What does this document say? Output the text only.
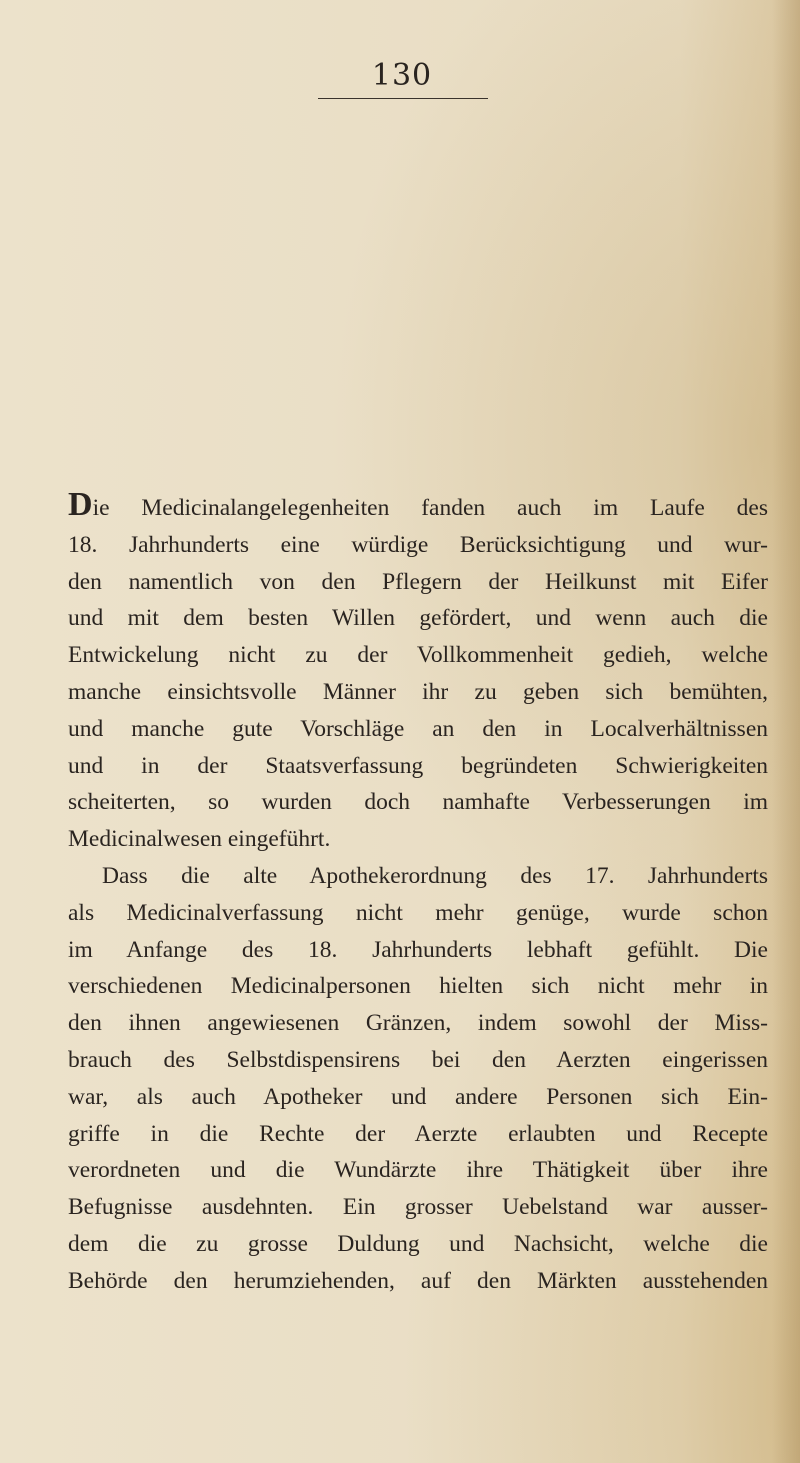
130
Die Medicinalangelegenheiten fanden auch im Laufe des
18. Jahrhunderts eine würdige Berücksichtigung und wur-
den namentlich von den Pflegern der Heilkunst mit Eifer
und mit dem besten Willen gefördert, und wenn auch die
Entwickelung nicht zu der Vollkommenheit gedieh, welche
manche einsichtsvolle Männer ihr zu geben sich bemühten,
und manche gute Vorschläge an den in Localverhältnissen
und in der Staatsverfassung begründeten Schwierigkeiten
scheiterten, so wurden doch namhafte Verbesserungen im
Medicinalwesen eingeführt.
Dass die alte Apothekerordnung des 17. Jahrhunderts
als Medicinalverfassung nicht mehr genüge, wurde schon
im Anfange des 18. Jahrhunderts lebhaft gefühlt. Die
verschiedenen Medicinalpersonen hielten sich nicht mehr in
den ihnen angewiesenen Gränzen, indem sowohl der Miss-
brauch des Selbstdispensirens bei den Aerzten eingerissen
war, als auch Apotheker und andere Personen sich Ein-
griffe in die Rechte der Aerzte erlaubten und Recepte
verordneten und die Wundärzte ihre Thätigkeit über ihre
Befugnisse ausdehnten. Ein grosser Uebelstand war ausser-
dem die zu grosse Duldung und Nachsicht, welche die
Behörde den herumziehenden, auf den Märkten ausstehenden
